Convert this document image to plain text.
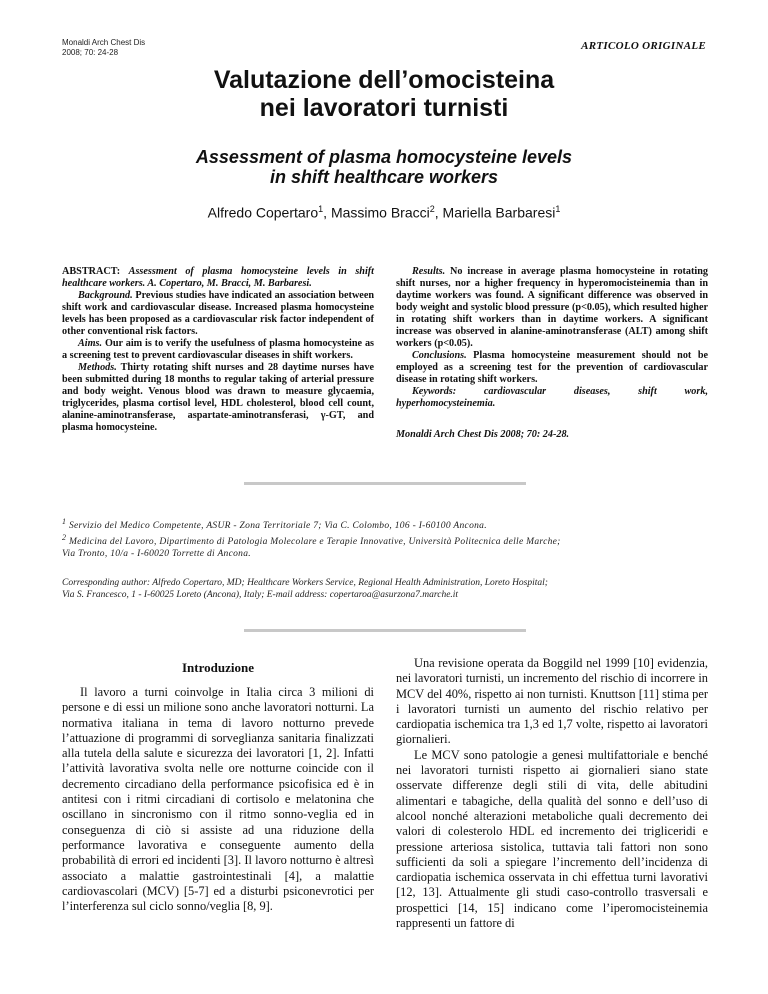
Monaldi Arch Chest Dis
2008; 70: 24-28
ARTICOLO ORIGINALE
Valutazione dell’omocisteina
nei lavoratori turnisti
Assessment of plasma homocysteine levels
in shift healthcare workers
Alfredo Copertaro$^1$, Massimo Bracci$^2$, Mariella Barbaresi$^1$

ABSTRACT: Assessment of plasma homocysteine levels in shift healthcare workers. A. Copertaro, M. Bracci, M. Barbaresi.

Background. Previous studies have indicated an association between shift work and cardiovascular disease. Increased plasma homocysteine levels has been proposed as a cardiovascular risk factor independent of other conventional risk factors.

Aims. Our aim is to verify the usefulness of plasma homocysteine as a screening test to prevent cardiovascular diseases in shift workers.

Methods. Thirty rotating shift nurses and 28 daytime nurses have been submitted during 18 months to regular taking of arterial pressure and body weight. Venous blood was drawn to measure glycaemia, triglycerides, plasma cortisol level, HDL cholesterol, blood cell count, alanine-aminotransferase, aspartate-aminotransferasi, γ-GT, and plasma homocysteine.

Results. No increase in average plasma homocysteine in rotating shift nurses, nor a higher frequency in hyperomocisteinemia than in daytime workers was found. A significant difference was observed in body weight and systolic blood pressure (p<0.05), which resulted higher in rotating shift workers than in daytime workers. A significant increase was observed in alanine-aminotransferase (ALT) among shift workers (p<0.05).

Conclusions. Plasma homocysteine measurement should not be employed as a screening test for the prevention of cardiovascular disease in rotating shift workers.

Keywords:	cardiovascular diseases, shift work, hyperhomocysteinemia.

Monaldi Arch Chest Dis 2008; 70: 24-28.

$^1$ Servizio del Medico Competente, ASUR - Zona Territoriale 7; Via C. Colombo, 106 - I-60100 Ancona.
$^2$ Medicina del Lavoro, Dipartimento di Patologia Molecolare e Terapie Innovative, Università Politecnica delle Marche;
Via Tronto, 10/a - I-60020 Torrette di Ancona.
Corresponding author: Alfredo Copertaro, MD; Healthcare Workers Service, Regional Health Administration, Loreto Hospital;
Via S. Francesco, 1 - I-60025 Loreto (Ancona), Italy; E-mail address: copertaroa@asurzona7.marche.it
Introduzione

Il lavoro a turni coinvolge in Italia circa 3 milioni di persone e di essi un milione sono anche lavoratori notturni. La normativa italiana in tema di lavoro notturno prevede l’attuazione di programmi di sorveglianza sanitaria finalizzati alla tutela della salute e sicurezza dei lavoratori [1, 2]. Infatti l’attività lavorativa svolta nelle ore notturne coincide con il decremento circadiano della performance psicofisica ed è in antitesi con i ritmi circadiani di cortisolo e melatonina che oscillano in sincronismo con il ritmo sonno-veglia ed in conseguenza di ciò si assiste ad una riduzione della performance lavorativa e conseguente aumento della probabilità di errori ed incidenti [3]. Il lavoro notturno è altresì associato a malattie gastrointestinali [4], a malattie cardiovascolari (MCV) [5-7] ed a disturbi psiconevrotici per l’interferenza sul ciclo sonno/veglia [8, 9].

Una revisione operata da Boggild nel 1999 [10] evidenzia, nei lavoratori turnisti, un incremento del rischio di incorrere in MCV del 40%, rispetto ai non turnisti. Knuttson [11] stima per i lavoratori turnisti un aumento del rischio relativo per cardiopatia ischemica tra 1,3 ed 1,7 volte, rispetto ai lavoratori giornalieri.

Le MCV sono patologie a genesi multifattoriale e benché nei lavoratori turnisti rispetto ai giornalieri siano state osservate differenze degli stili di vita, delle abitudini alimentari e tabagiche, della qualità del sonno e dell’uso di alcool nonché alterazioni metaboliche quali decremento dei valori di colesterolo HDL ed incremento dei trigliceridi e pressione arteriosa sistolica, tuttavia tali fattori non sono sufficienti da soli a spiegare l’incremento dell’incidenza di cardiopatia ischemica osservata in chi effettua turni lavorativi [12, 13]. Attualmente gli studi caso-controllo trasversali e prospettici [14, 15] indicano come l’iperomocisteinemia rappresenti un fattore di
